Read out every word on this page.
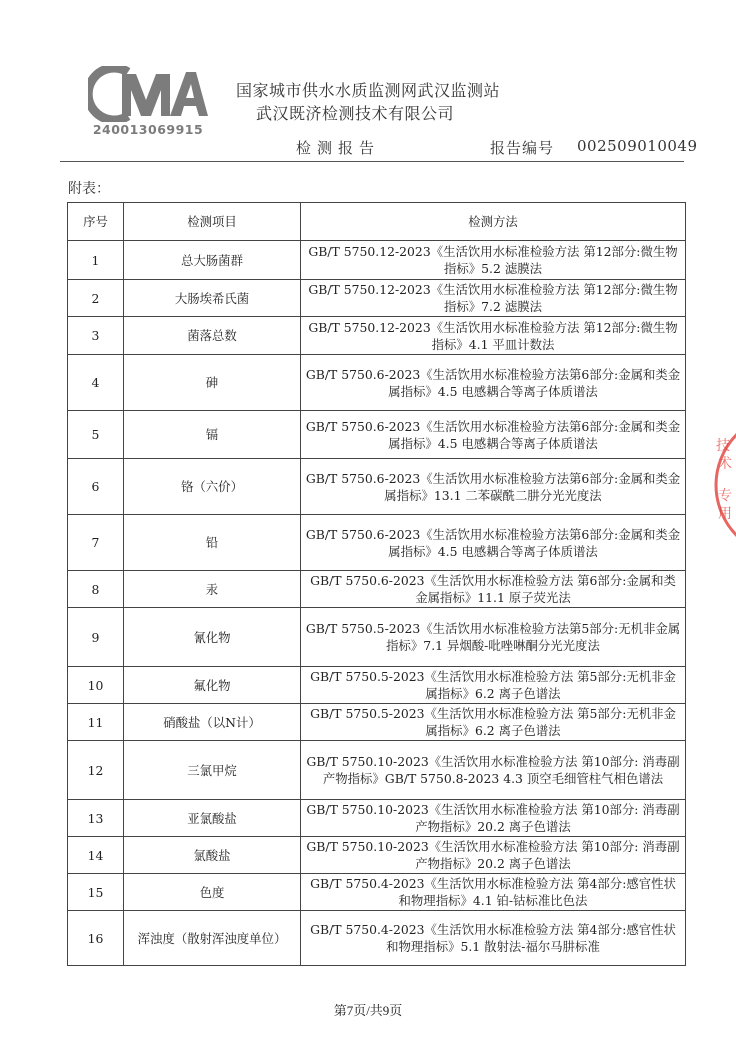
240013069915
国家城市供水水质监测网武汉监测站
武汉既济检测技术有限公司
检测报告	报告编号 002509010049
附表：
序号	检测项目	检测方法
1	总大肠菌群	GB/T 5750.12-2023《生活饮用水标准检验方法 第12部分:微生物指标》5.2 滤膜法
2	大肠埃希氏菌	GB/T 5750.12-2023《生活饮用水标准检验方法 第12部分:微生物指标》7.2 滤膜法
3	菌落总数	GB/T 5750.12-2023《生活饮用水标准检验方法 第12部分:微生物指标》4.1 平皿计数法
4	砷	GB/T 5750.6-2023《生活饮用水标准检验方法第6部分:金属和类金属指标》4.5 电感耦合等离子体质谱法
5	镉	GB/T 5750.6-2023《生活饮用水标准检验方法第6部分:金属和类金属指标》4.5 电感耦合等离子体质谱法
6	铬（六价）	GB/T 5750.6-2023《生活饮用水标准检验方法第6部分:金属和类金属指标》13.1 二苯碳酰二肼分光光度法
7	铅	GB/T 5750.6-2023《生活饮用水标准检验方法第6部分:金属和类金属指标》4.5 电感耦合等离子体质谱法
8	汞	GB/T 5750.6-2023《生活饮用水标准检验方法 第6部分:金属和类金属指标》11.1 原子荧光法
9	氰化物	GB/T 5750.5-2023《生活饮用水标准检验方法第5部分:无机非金属指标》7.1 异烟酸-吡唑啉酮分光光度法
10	氟化物	GB/T 5750.5-2023《生活饮用水标准检验方法 第5部分:无机非金属指标》6.2 离子色谱法
11	硝酸盐（以N计）	GB/T 5750.5-2023《生活饮用水标准检验方法 第5部分:无机非金属指标》6.2 离子色谱法
12	三氯甲烷	GB/T 5750.10-2023《生活饮用水标准检验方法 第10部分: 消毒副产物指标》GB/T 5750.8-2023 4.3 顶空毛细管柱气相色谱法
13	亚氯酸盐	GB/T 5750.10-2023《生活饮用水标准检验方法 第10部分: 消毒副产物指标》20.2 离子色谱法
14	氯酸盐	GB/T 5750.10-2023《生活饮用水标准检验方法 第10部分: 消毒副产物指标》20.2 离子色谱法
15	色度	GB/T 5750.4-2023《生活饮用水标准检验方法 第4部分:感官性状和物理指标》4.1 铂-钴标准比色法
16	浑浊度（散射浑浊度单位）	GB/T 5750.4-2023《生活饮用水标准检验方法 第4部分:感官性状和物理指标》5.1 散射法-福尔马肼标准
技
术
专
用
第7页/共9页
